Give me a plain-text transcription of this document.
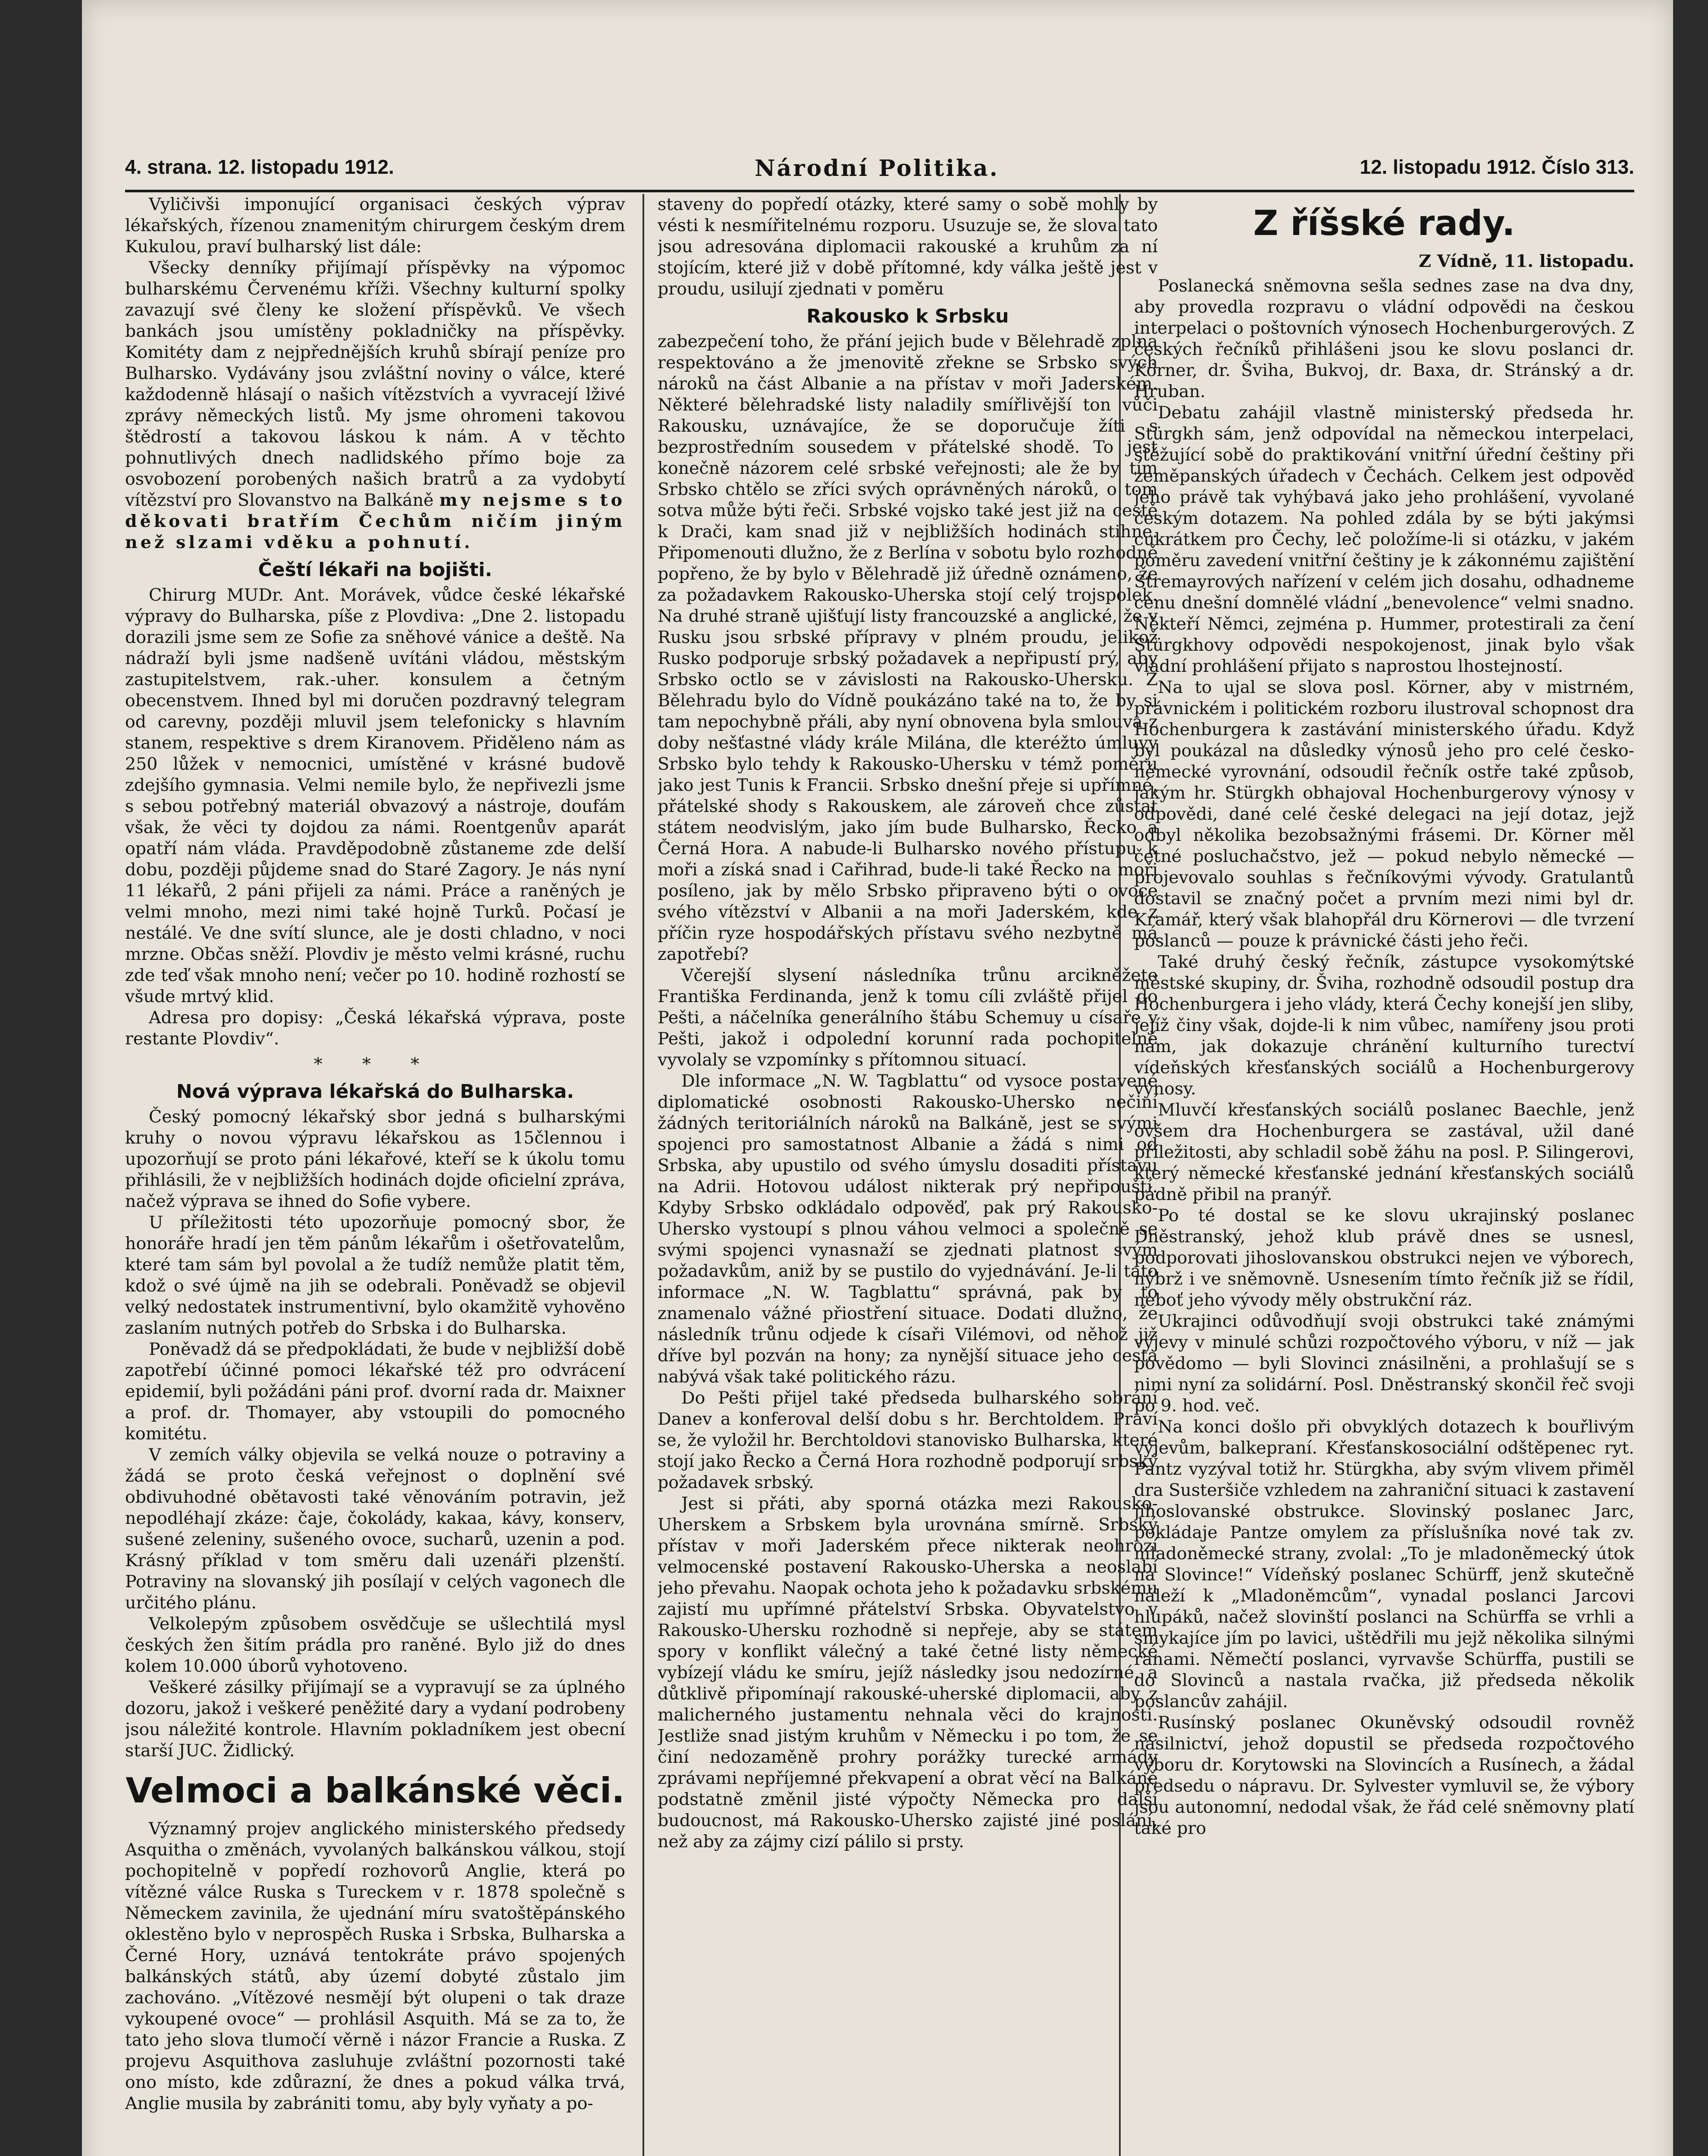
4. strana. 12. listopadu 1912.	Národní Politika.	12. listopadu 1912. Číslo 313.

Vyličivši imponující organisaci českých výprav lékařských, řízenou znamenitým chirurgem českým drem Kukulou, praví bulharský list dále:

Všecky denníky přijímají příspěvky na výpomoc bulharskému Červenému kříži. Všechny kulturní spolky zavazují své členy ke složení příspěvků. Ve všech bankách jsou umístěny pokladničky na příspěvky. Komitéty dam z nejpřednějších kruhů sbírají peníze pro Bulharsko. Vydávány jsou zvláštní noviny o válce, které každodenně hlásají o našich vítězstvích a vyvracejí lživé zprávy německých listů. My jsme ohromeni takovou štědrostí a takovou láskou k nám. A v těchto pohnutlivých dnech nadlidského přímo boje za osvobození porobených našich bratrů a za vydobytí vítězství pro Slovanstvo na Balkáně my nejsme s to děkovati bratřím Čechům ničím jiným než slzami vděku a pohnutí.

Čeští lékaři na bojišti.

Chirurg MUDr. Ant. Morávek, vůdce české lékařské výpravy do Bulharska, píše z Plovdiva: „Dne 2. listopadu dorazili jsme sem ze Sofie za sněhové vánice a deště. Na nádraží byli jsme nadšeně uvítáni vládou, městským zastupitelstvem, rak.-uher. konsulem a četným obecenstvem. Ihned byl mi doručen pozdravný telegram od carevny, později mluvil jsem telefonicky s hlavním stanem, respektive s drem Kiranovem. Přiděleno nám as 250 lůžek v nemocnici, umístěné v krásné budově zdejšího gymnasia. Velmi nemile bylo, že nepřivezli jsme s sebou potřebný materiál obvazový a nástroje, doufám však, že věci ty dojdou za námi. Roentgenův aparát opatří nám vláda. Pravděpodobně zůstaneme zde delší dobu, později půjdeme snad do Staré Zagory. Je nás nyní 11 lékařů, 2 páni přijeli za námi. Práce a raněných je velmi mnoho, mezi nimi také hojně Turků. Počasí je nestálé. Ve dne svítí slunce, ale je dosti chladno, v noci mrzne. Občas sněží. Plovdiv je město velmi krásné, ruchu zde teď však mnoho není; večer po 10. hodině rozhostí se všude mrtvý klid.

Adresa pro dopisy: „Česká lékařská výprava, poste restante Plovdiv“.

* * *
Nová výprava lékařská do Bulharska.

Český pomocný lékařský sbor jedná s bulharskými kruhy o novou výpravu lékařskou as 15člennou i upozorňují se proto páni lékařové, kteří se k úkolu tomu přihlásili, že v nejbližších hodinách dojde oficielní zpráva, načež výprava se ihned do Sofie vybere.

U příležitosti této upozorňuje pomocný sbor, že honoráře hradí jen těm pánům lékařům i ošetřovatelům, které tam sám byl povolal a že tudíž nemůže platit těm, kdož o své újmě na jih se odebrali. Poněvadž se objevil velký nedostatek instrumentivní, bylo okamžitě vyhověno zaslaním nutných potřeb do Srbska i do Bulharska.

Poněvadž dá se předpokládati, že bude v nejbližší době zapotřebí účinné pomoci lékařské též pro odvrácení epidemií, byli požádáni páni prof. dvorní rada dr. Maixner a prof. dr. Thomayer, aby vstoupili do pomocného komitétu.

V zemích války objevila se velká nouze o potraviny a žádá se proto česká veřejnost o doplnění své obdivuhodné obětavosti také věnováním potravin, jež nepodléhají zkáze: čaje, čokolády, kakaa, kávy, konserv, sušené zeleniny, sušeného ovoce, sucharů, uzenin a pod. Krásný příklad v tom směru dali uzenáři plzenští. Potraviny na slovanský jih posílají v celých vagonech dle určitého plánu.

Velkolepým způsobem osvědčuje se ušlechtilá mysl českých žen šitím prádla pro raněné. Bylo již do dnes kolem 10.000 úborů vyhotoveno.

Veškeré zásilky přijímají se a vypravují se za úplného dozoru, jakož i veškeré peněžité dary a vydaní podrobeny jsou náležité kontrole. Hlavním pokladníkem jest obecní starší JUC. Židlický.

Velmoci a balkánské věci.

Významný projev anglického ministerského předsedy Asquitha o změnách, vyvolaných balkánskou válkou, stojí pochopitelně v popředí rozhovorů Anglie, která po vítězné válce Ruska s Tureckem v r. 1878 společně s Německem zavinila, že ujednání míru svatoštěpánského oklestěno bylo v neprospěch Ruska i Srbska, Bulharska a Černé Hory, uznává tentokráte právo spojených balkánských států, aby území dobyté zůstalo jim zachováno. „Vítězové nesmějí být olupeni o tak draze vykoupené ovoce“ — prohlásil Asquith. Má se za to, že tato jeho slova tlumočí věrně i názor Francie a Ruska. Z projevu Asquithova zasluhuje zvláštní pozornosti také ono místo, kde zdůrazní, že dnes a pokud válka trvá, Anglie musila by zabrániti tomu, aby byly vyňaty a po-

staveny do popředí otázky, které samy o sobě mohly by vésti k nesmířitelnému rozporu. Usuzuje se, že slova tato jsou adresována diplomacii rakouské a kruhům za ní stojícím, které již v době přítomné, kdy válka ještě jest v proudu, usilují zjednati v poměru

Rakousko k Srbsku

zabezpečení toho, že přání jejich bude v Bělehradě zplna respektováno a že jmenovitě zřekne se Srbsko svých nároků na část Albanie a na přístav v moři Jaderském. Některé bělehradské listy naladily smířlivější ton vůči Rakousku, uznávajíce, že se doporučuje žíti s bezprostředním sousedem v přátelské shodě. To jest konečně názorem celé srbské veřejnosti; ale že by tím Srbsko chtělo se zříci svých oprávněných nároků, o tom sotva může býti řeči. Srbské vojsko také jest již na cestě k Drači, kam snad již v nejbližších hodinách stihne. Připomenouti dlužno, že z Berlína v sobotu bylo rozhodně popřeno, že by bylo v Bělehradě již úředně oznámeno, že za požadavkem Rakousko-Uherska stojí celý trojspolek. Na druhé straně ujišťují listy francouzské a anglické, že v Rusku jsou srbské přípravy v plném proudu, jelikož Rusko podporuje srbský požadavek a nepřipustí prý, aby Srbsko octlo se v závislosti na Rakousko-Uhersku. Z Bělehradu bylo do Vídně poukázáno také na to, že by si tam nepochybně přáli, aby nyní obnovena byla smlouva z doby nešťastné vlády krále Milána, dle kteréžto úmluvy Srbsko bylo tehdy k Rakousko-Uhersku v témž poměru jako jest Tunis k Francii. Srbsko dnešní přeje si upřímné, přátelské shody s Rakouskem, ale zároveň chce zůstat státem neodvislým, jako jím bude Bulharsko, Řecko a Černá Hora. A nabude-li Bulharsko nového přístupu k moři a získá snad i Cařihrad, bude-li také Řecko na moři posíleno, jak by mělo Srbsko připraveno býti o ovoce svého vítězství v Albanii a na moři Jaderském, kde z příčin ryze hospodářských přístavu svého nezbytně má zapotřebí?

Včerejší slysení následníka trůnu arcikněžete Františka Ferdinanda, jenž k tomu cíli zvláště přijel do Pešti, a náčelníka generálního štábu Schemuy u císaře v Pešti, jakož i odpolední korunní rada pochopitelně vyvolaly se vzpomínky s přítomnou situací.

Dle informace „N. W. Tagblattu“ od vysoce postavené diplomatické osobnosti Rakousko-Uhersko nečiní žádných teritoriálních nároků na Balkáně, jest se svými spojenci pro samostatnost Albanie a žádá s nimi od Srbska, aby upustilo od svého úmyslu dosaditi přístavu na Adrii. Hotovou událost nikterak prý nepřipouští. Kdyby Srbsko odkládalo odpověď, pak prý Rakousko-Uhersko vystoupí s plnou váhou velmoci a společně se svými spojenci vynasnaží se zjednati platnost svým požadavkům, aniž by se pustilo do vyjednávání. Je-li tato informace „N. W. Tagblattu“ správná, pak by to znamenalo vážné přiostření situace. Dodati dlužno, že následník trůnu odjede k císaři Vilémovi, od něhož již dříve byl pozván na hony; za nynější situace jeho cesta nabývá však také politického rázu.

Do Pešti přijel také předseda bulharského sobrání Danev a konferoval delší dobu s hr. Berchtoldem. Praví se, že vyložil hr. Berchtoldovi stanovisko Bulharska, které stojí jako Řecko a Černá Hora rozhodně podporují srbský požadavek srbský.

Jest si přáti, aby sporná otázka mezi Rakousko-Uherskem a Srbskem byla urovnána smírně. Srbský přístav v moři Jaderském přece nikterak neohrozí velmocenské postavení Rakousko-Uherska a neoslabí jeho převahu. Naopak ochota jeho k požadavku srbskému zajistí mu upřímné přátelství Srbska. Obyvatelstvo v Rakousko-Uhersku rozhodně si nepřeje, aby se státem spory v konflikt válečný a také četné listy německé vybízejí vládu ke smíru, jejíž následky jsou nedozírné, a důtklivě připomínají rakouské-uherské diplomacii, aby z malicherného justamentu nehnala věci do krajnosti. Jestliže snad jistým kruhům v Německu i po tom, že se činí nedozaměně prohry porážky turecké armády zprávami nepříjemné překvapení a obrat věcí na Balkáně podstatně změnil jisté výpočty Německa pro další budoucnost, má Rakousko-Uhersko zajisté jiné poslání, než aby za zájmy cizí pálilo si prsty.

Z říšské rady.
Z Vídně, 11. listopadu.

Poslanecká sněmovna sešla sednes zase na dva dny, aby provedla rozpravu o vládní odpovědi na českou interpelaci o poštovních výnosech Hochenburgerových. Z českých řečníků přihlášeni jsou ke slovu poslanci dr. Körner, dr. Šviha, Bukvoj, dr. Baxa, dr. Stránský a dr. Hruban.

Debatu zahájil vlastně ministerský předseda hr. Stürgkh sám, jenž odpovídal na německou interpelaci, stěžující sobě do praktikování vnitřní úřední češtiny při zeměpanských úřadech v Čechách. Celkem jest odpověď jeho právě tak vyhýbavá jako jeho prohlášení, vyvolané českým dotazem. Na pohled zdála by se býti jakýmsi cukrátkem pro Čechy, leč položíme-li si otázku, v jakém poměru zavedení vnitřní češtiny je k zákonnému zajištění Stremayrových nařízení v celém jich dosahu, odhadneme cenu dnešní domnělé vládní „benevolence“ velmi snadno. Někteří Němci, zejména p. Hummer, protestirali za čení Stürgkhovy odpovědi nespokojenost, jinak bylo však vládní prohlášení přijato s naprostou lhostejností.

Na to ujal se slova posl. Körner, aby v mistrném, právnickém i politickém rozboru ilustroval schopnost dra Hochenburgera k zastávání ministerského úřadu. Když byl poukázal na důsledky výnosů jeho pro celé česko-německé vyrovnání, odsoudil řečník ostře také způsob, jakým hr. Stürgkh obhajoval Hochenburgerovy výnosy v odpovědi, dané celé české delegaci na její dotaz, jejž odbyl několika bezobsažnými frásemi. Dr. Körner měl četné posluchačstvo, jež — pokud nebylo německé — projevovalo souhlas s řečníkovými vývody. Gratulantů dostavil se značný počet a prvním mezi nimi byl dr. Kramář, který však blahopřál dru Körnerovi — dle tvrzení poslanců — pouze k právnické části jeho řeči.

Také druhý český řečník, zástupce vysokomýtské městské skupiny, dr. Šviha, rozhodně odsoudil postup dra Hochenburgera i jeho vlády, která Čechy konejší jen sliby, jejíž činy však, dojde-li k nim vůbec, namířeny jsou proti nám, jak dokazuje chránění kulturního turectví vídeňských křesťanských sociálů a Hochenburgerovy výnosy.

Mluvčí křesťanských sociálů poslanec Baechle, jenž ovšem dra Hochenburgera se zastával, užil dané příležitosti, aby schladil sobě žáhu na posl. P. Silingerovi, který německé křesťanské jednání křesťanských sociálů pádně přibil na pranýř.

Po té dostal se ke slovu ukrajinský poslanec Dněstranský, jehož klub právě dnes se usnesl, podporovati jihoslovanskou obstrukci nejen ve výborech, nýbrž i ve sněmovně. Usnesením tímto řečník již se řídil, neboť jeho vývody měly obstrukční ráz.

Ukrajinci odůvodňují svoji obstrukci také známými výjevy v minulé schůzi rozpočtového výboru, v níž — jak povědomo — byli Slovinci znásilněni, a prohlašují se s nimi nyní za solidární. Posl. Dněstranský skončil řeč svoji po 9. hod. več.

Na konci došlo při obvyklých dotazech k bouřlivým výjevům, balkepraní. Křesťanskosociální odštěpenec ryt. Pantz vyzýval totiž hr. Stürgkha, aby svým vlivem přiměl dra Susteršiče vzhledem na zahraniční situaci k zastavení jihoslovanské obstrukce. Slovinský poslanec Jarc, pokládaje Pantze omylem za příslušníka nové tak zv. mladoněmecké strany, zvolal: „To je mladoněmecký útok na Slovince!“ Vídeňský poslanec Schürff, jenž skutečně náleží k „Mladoněmcům“, vynadal poslanci Jarcovi hlupáků, načež slovinští poslanci na Schürffa se vrhli a smykajíce jím po lavici, uštědřili mu jejž několika silnými ranami. Němečtí poslanci, vyrvavše Schürffa, pustili se do Slovinců a nastala rvačka, již předseda několik poslancův zahájil.

Rusínský poslanec Okuněvský odsoudil rovněž násilnictví, jehož dopustil se předseda rozpočtového výboru dr. Korytowski na Slovincích a Rusínech, a žádal předsedu o nápravu. Dr. Sylvester vymluvil se, že výbory jsou autonomní, nedodal však, že řád celé sněmovny platí také pro
